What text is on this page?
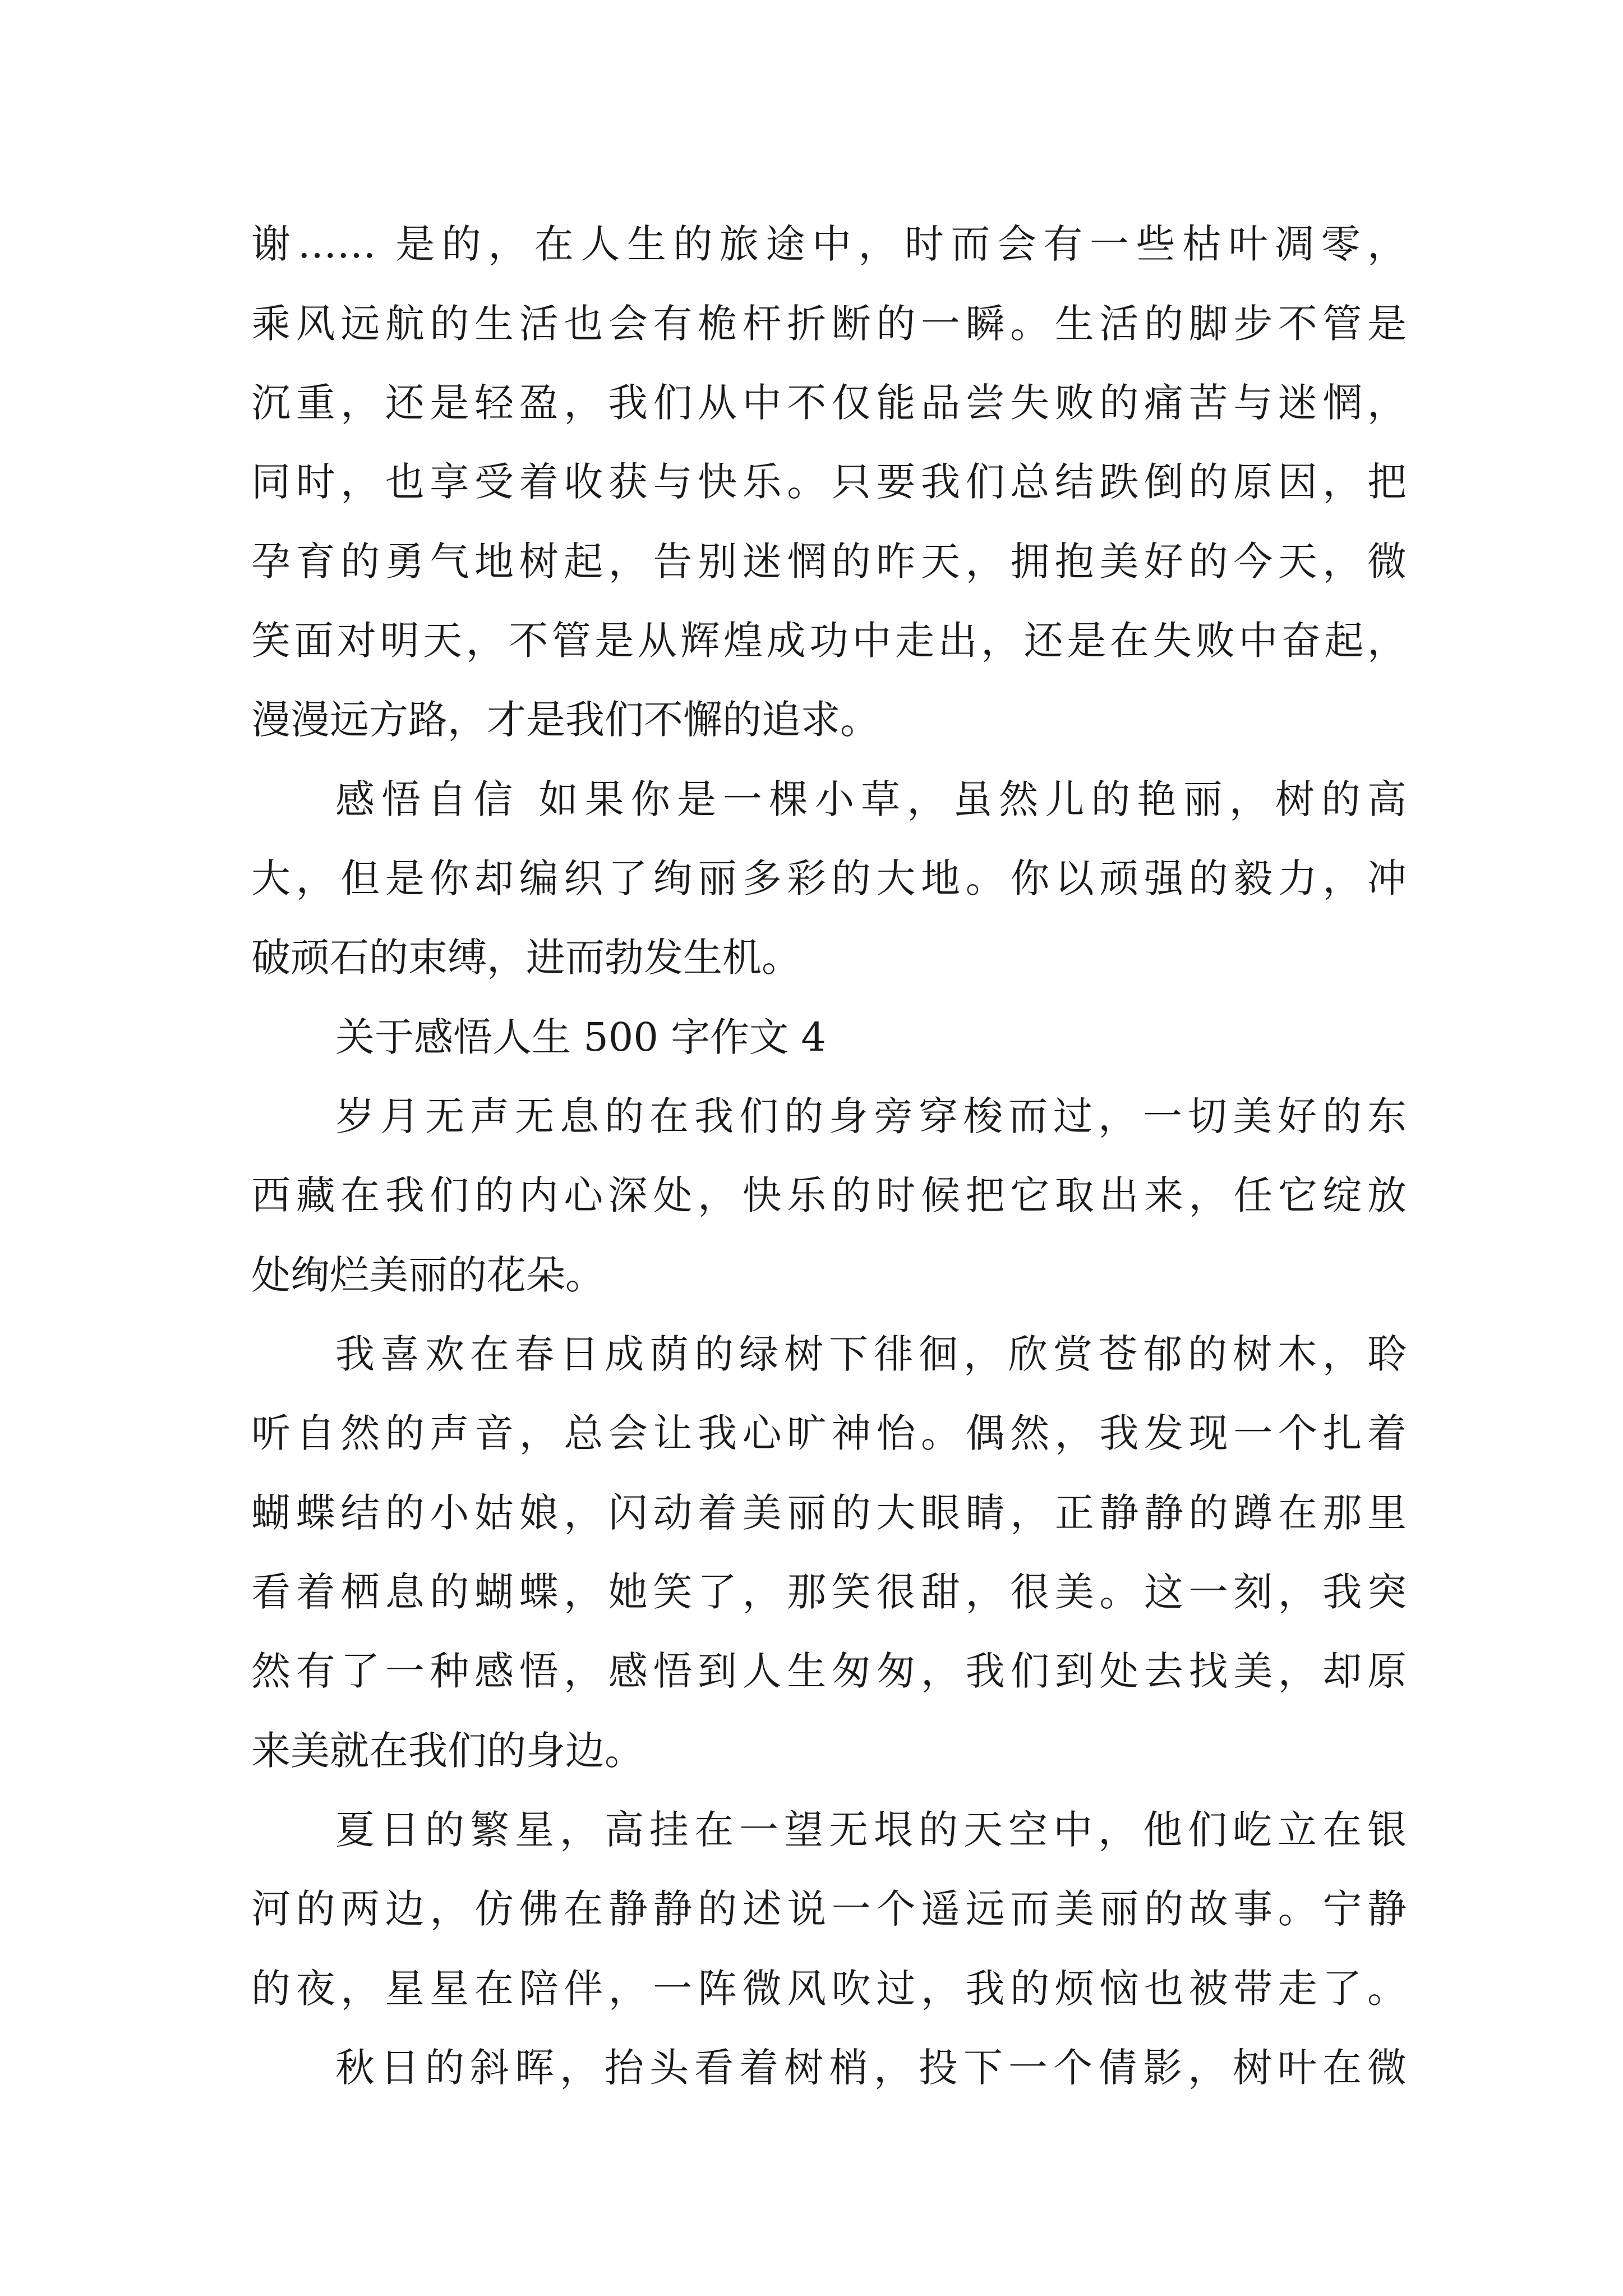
谢…… 是的，在人生的旅途中，时而会有一些枯叶凋零，

乘风远航的生活也会有桅杆折断的一瞬。生活的脚步不管是

沉重，还是轻盈，我们从中不仅能品尝失败的痛苦与迷惘，

同时，也享受着收获与快乐。只要我们总结跌倒的原因，把

孕育的勇气地树起，告别迷惘的昨天，拥抱美好的今天，微

笑面对明天，不管是从辉煌成功中走出，还是在失败中奋起，

漫漫远方路，才是我们不懈的追求。

感悟自信 如果你是一棵小草，虽然儿的艳丽，树的高

大，但是你却编织了绚丽多彩的大地。你以顽强的毅力，冲

破顽石的束缚，进而勃发生机。

关于感悟人生 500 字作文 4

岁月无声无息的在我们的身旁穿梭而过，一切美好的东

西藏在我们的内心深处，快乐的时候把它取出来，任它绽放

处绚烂美丽的花朵。

我喜欢在春日成荫的绿树下徘徊，欣赏苍郁的树木，聆

听自然的声音，总会让我心旷神怡。偶然，我发现一个扎着

蝴蝶结的小姑娘，闪动着美丽的大眼睛，正静静的蹲在那里

看着栖息的蝴蝶，她笑了，那笑很甜，很美。这一刻，我突

然有了一种感悟，感悟到人生匆匆，我们到处去找美，却原

来美就在我们的身边。

夏日的繁星，高挂在一望无垠的天空中，他们屹立在银

河的两边，仿佛在静静的述说一个遥远而美丽的故事。宁静

的夜，星星在陪伴，一阵微风吹过，我的烦恼也被带走了。

秋日的斜晖，抬头看着树梢，投下一个倩影，树叶在微
